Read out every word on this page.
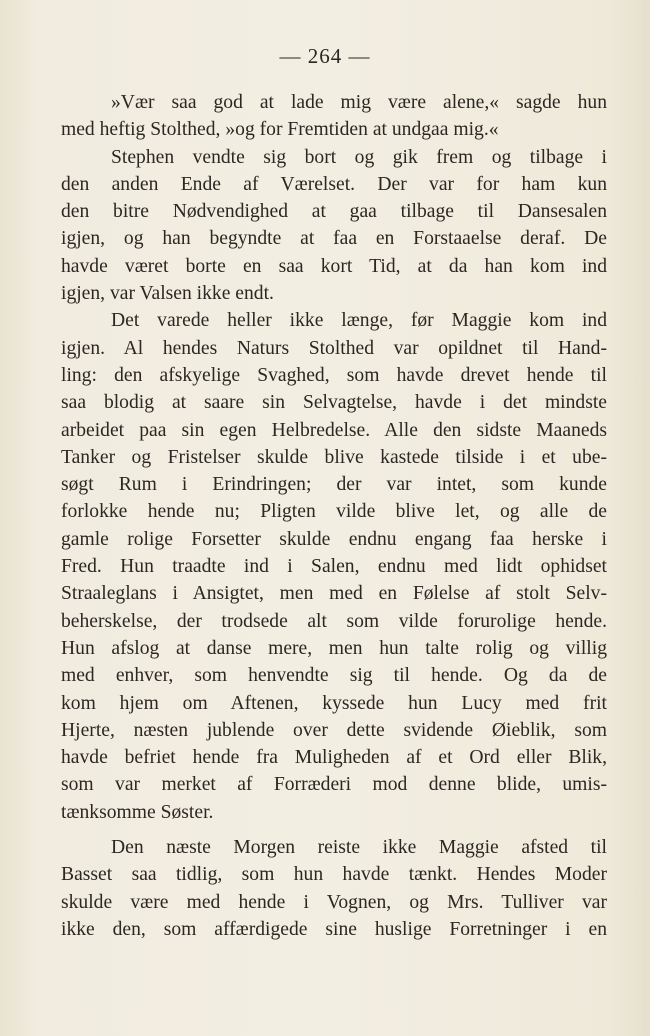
— 264 —
»Vær saa god at lade mig være alene,« sagde hun
med heftig Stolthed, »og for Fremtiden at undgaa mig.«
Stephen vendte sig bort og gik frem og tilbage i
den anden Ende af Værelset. Der var for ham kun
den bitre Nødvendighed at gaa tilbage til Dansesalen
igjen, og han begyndte at faa en Forstaaelse deraf. De
havde været borte en saa kort Tid, at da han kom ind
igjen, var Valsen ikke endt.
Det varede heller ikke længe, før Maggie kom ind
igjen. Al hendes Naturs Stolthed var opildnet til Hand-
ling: den afskyelige Svaghed, som havde drevet hende til
saa blodig at saare sin Selvagtelse, havde i det mindste
arbeidet paa sin egen Helbredelse. Alle den sidste Maaneds
Tanker og Fristelser skulde blive kastede tilside i et ube-
søgt Rum i Erindringen; der var intet, som kunde
forlokke hende nu; Pligten vilde blive let, og alle de
gamle rolige Forsetter skulde endnu engang faa herske i
Fred. Hun traadte ind i Salen, endnu med lidt ophidset
Straaleglans i Ansigtet, men med en Følelse af stolt Selv-
beherskelse, der trodsede alt som vilde forurolige hende.
Hun afslog at danse mere, men hun talte rolig og villig
med enhver, som henvendte sig til hende. Og da de
kom hjem om Aftenen, kyssede hun Lucy med frit
Hjerte, næsten jublende over dette svidende Øieblik, som
havde befriet hende fra Muligheden af et Ord eller Blik,
som var merket af Forræderi mod denne blide, umis-
tænksomme Søster.
Den næste Morgen reiste ikke Maggie afsted til
Basset saa tidlig, som hun havde tænkt. Hendes Moder
skulde være med hende i Vognen, og Mrs. Tulliver var
ikke den, som affærdigede sine huslige Forretninger i en
